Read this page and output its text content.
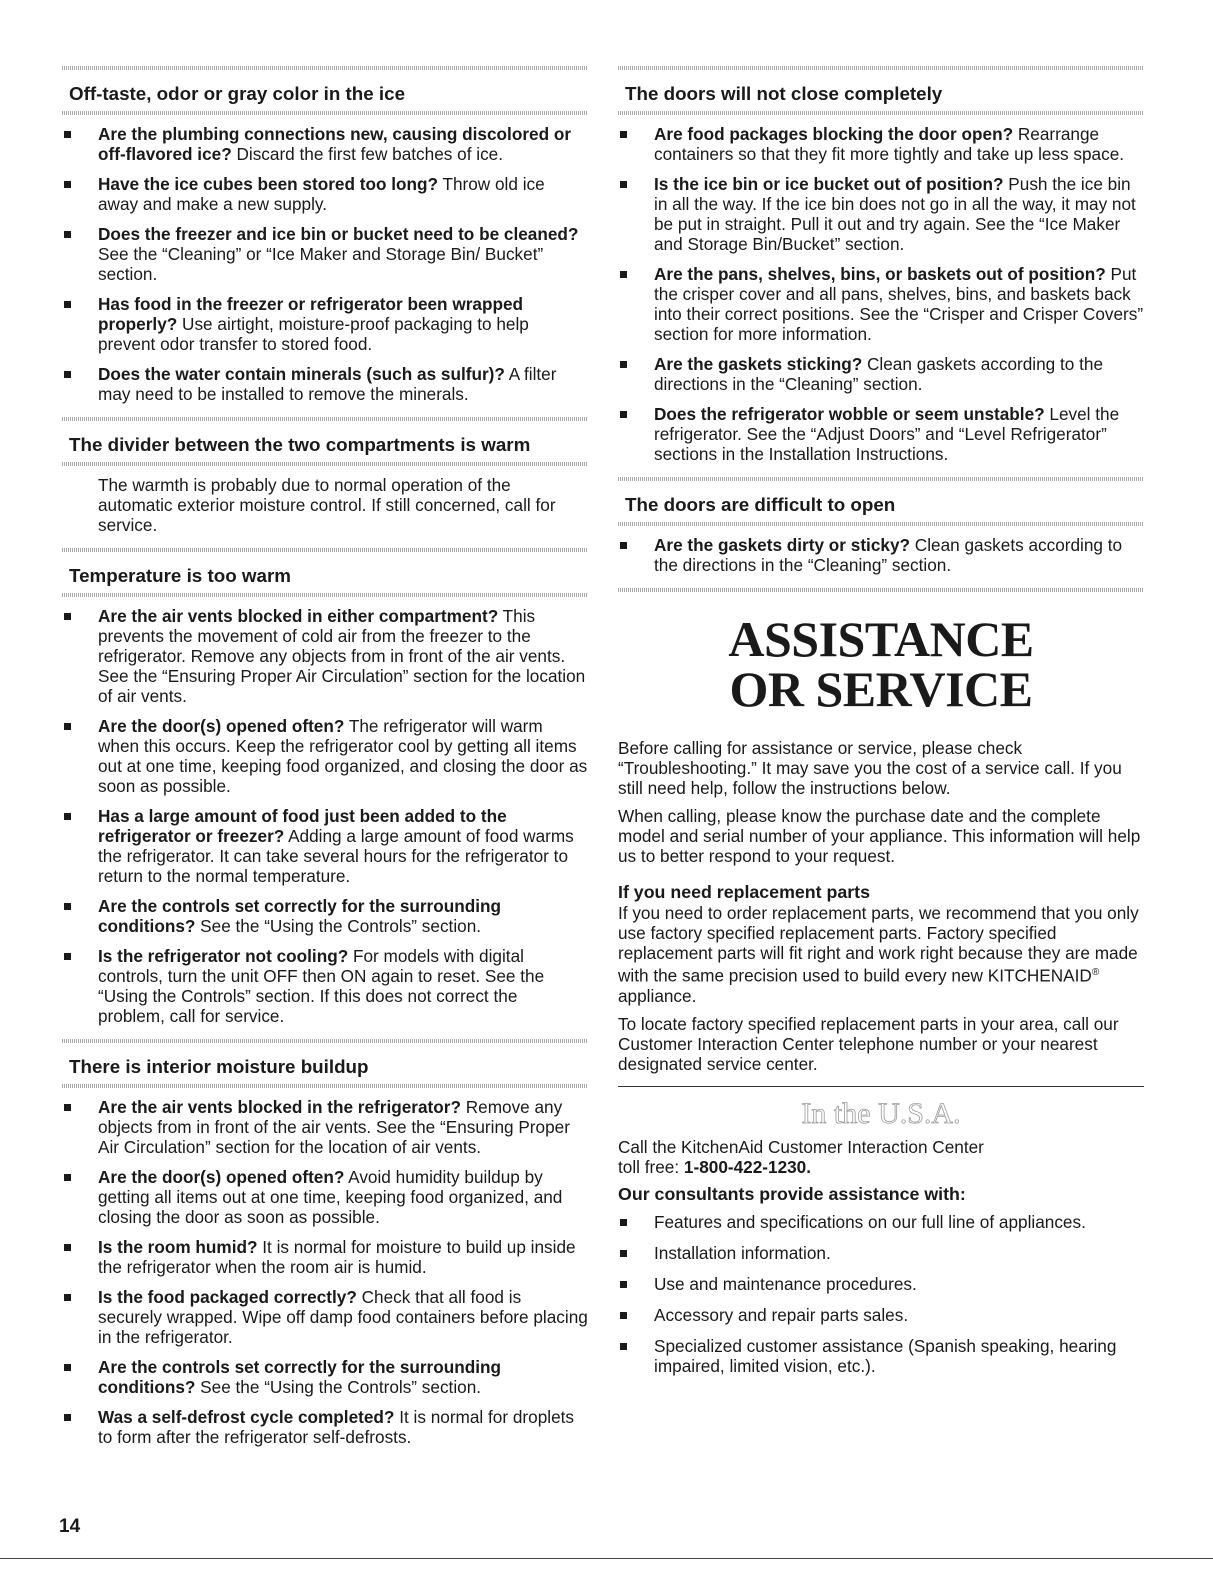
Off-taste, odor or gray color in the ice
Are the plumbing connections new, causing discolored or off-flavored ice? Discard the first few batches of ice.
Have the ice cubes been stored too long? Throw old ice away and make a new supply.
Does the freezer and ice bin or bucket need to be cleaned? See the “Cleaning” or “Ice Maker and Storage Bin/ Bucket” section.
Has food in the freezer or refrigerator been wrapped properly? Use airtight, moisture-proof packaging to help prevent odor transfer to stored food.
Does the water contain minerals (such as sulfur)? A filter may need to be installed to remove the minerals.
The divider between the two compartments is warm

The warmth is probably due to normal operation of the automatic exterior moisture control. If still concerned, call for service.

Temperature is too warm
Are the air vents blocked in either compartment? This prevents the movement of cold air from the freezer to the refrigerator. Remove any objects from in front of the air vents. See the “Ensuring Proper Air Circulation” section for the location of air vents.
Are the door(s) opened often? The refrigerator will warm when this occurs. Keep the refrigerator cool by getting all items out at one time, keeping food organized, and closing the door as soon as possible.
Has a large amount of food just been added to the refrigerator or freezer? Adding a large amount of food warms the refrigerator. It can take several hours for the refrigerator to return to the normal temperature.
Are the controls set correctly for the surrounding conditions? See the “Using the Controls” section.
Is the refrigerator not cooling? For models with digital controls, turn the unit OFF then ON again to reset. See the “Using the Controls” section. If this does not correct the problem, call for service.
There is interior moisture buildup
Are the air vents blocked in the refrigerator? Remove any objects from in front of the air vents. See the “Ensuring Proper Air Circulation” section for the location of air vents.
Are the door(s) opened often? Avoid humidity buildup by getting all items out at one time, keeping food organized, and closing the door as soon as possible.
Is the room humid? It is normal for moisture to build up inside the refrigerator when the room air is humid.
Is the food packaged correctly? Check that all food is securely wrapped. Wipe off damp food containers before placing in the refrigerator.
Are the controls set correctly for the surrounding conditions? See the “Using the Controls” section.
Was a self-defrost cycle completed? It is normal for droplets to form after the refrigerator self-defrosts.
The doors will not close completely
Are food packages blocking the door open? Rearrange containers so that they fit more tightly and take up less space.
Is the ice bin or ice bucket out of position? Push the ice bin in all the way. If the ice bin does not go in all the way, it may not be put in straight. Pull it out and try again. See the “Ice Maker and Storage Bin/Bucket” section.
Are the pans, shelves, bins, or baskets out of position? Put the crisper cover and all pans, shelves, bins, and baskets back into their correct positions. See the “Crisper and Crisper Covers” section for more information.
Are the gaskets sticking? Clean gaskets according to the directions in the “Cleaning” section.
Does the refrigerator wobble or seem unstable? Level the refrigerator. See the “Adjust Doors” and “Level Refrigerator” sections in the Installation Instructions.
The doors are difficult to open
Are the gaskets dirty or sticky? Clean gaskets according to the directions in the “Cleaning” section.
ASSISTANCE
OR SERVICE

Before calling for assistance or service, please check “Troubleshooting.” It may save you the cost of a service call. If you still need help, follow the instructions below.

When calling, please know the purchase date and the complete model and serial number of your appliance. This information will help us to better respond to your request.

If you need replacement parts

If you need to order replacement parts, we recommend that you only use factory specified replacement parts. Factory specified replacement parts will fit right and work right because they are made with the same precision used to build every new KITCHENAID® appliance.

To locate factory specified replacement parts in your area, call our Customer Interaction Center telephone number or your nearest designated service center.

In the U.S.A.
Call the KitchenAid Customer Interaction Center
toll free: 1-800-422-1230.
Our consultants provide assistance with:
Features and specifications on our full line of appliances.
Installation information.
Use and maintenance procedures.
Accessory and repair parts sales.
Specialized customer assistance (Spanish speaking, hearing impaired, limited vision, etc.).
14
